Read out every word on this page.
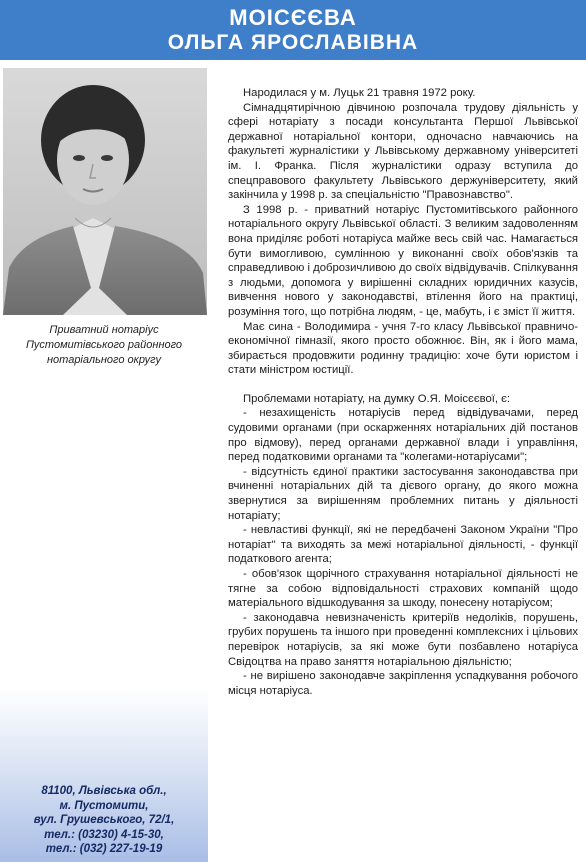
МОІСЄЄВА
ОЛЬГА ЯРОСЛАВІВНА
Приватний нотаріус
Пустомитівського районного
нотаріального округу
81100, Львівська обл.,
м. Пустомити,
вул. Грушевського, 72/1,
тел.: (03230) 4-15-30,
тел.: (032) 227-19-19

Народилася у м. Луцьк 21 травня 1972 року.

Сімнадцятирічною дівчиною розпочала трудову діяльність у сфері нотаріату з посади консультанта Першої Львівської державної нотаріальної контори, одночасно навчаючись на факультеті журналістики у Львівському державному університеті ім. І. Франка. Після журналістики одразу вступила до спецправового факультету Львівського держуніверситету, який закінчила у 1998 р. за спеціальністю "Правознавство".

З 1998 р. - приватний нотаріус Пустомитівського районного нотаріального округу Львівської області. З великим задоволенням вона приділяє роботі нотаріуса майже весь свій час. Намагається бути вимогливою, сумлінною у виконанні своїх обов'язків та справедливою і доброзичливою до своїх відвідувачів. Спілкування з людьми, допомога у вирішенні складних юридичних казусів, вивчення нового у законодавстві, втілення його на практиці, розуміння того, що потрібна людям, - це, мабуть, і є зміст її життя.

Має сина - Володимира - учня 7-го класу Львівської правничо-економічної гімназії, якого просто обожнює. Він, як і його мама, збирається продовжити родинну традицію: хоче бути юристом і стати міністром юстиції.

Проблемами нотаріату, на думку О.Я. Моісєєвої, є:

- незахищеність нотаріусів перед відвідувачами, перед судовими органами (при оскарженнях нотаріальних дій постанов про відмову), перед органами державної влади і управління, перед податковими органами та "колегами-нотаріусами";

- відсутність єдиної практики застосування законодавства при вчиненні нотаріальних дій та дієвого органу, до якого можна звернутися за вирішенням проблемних питань у діяльності нотаріату;

- невластиві функції, які не передбачені Законом України "Про нотаріат" та виходять за межі нотаріальної діяльності, - функції податкового агента;

- обов'язок щорічного страхування нотаріальної діяльності не тягне за собою відповідальності страхових компаній щодо матеріального відшкодування за шкоду, понесену нотаріусом;

- законодавча невизначеність критеріїв недоліків, порушень, грубих порушень та іншого при проведенні комплексних і цільових перевірок нотаріусів, за які може бути позбавлено нотаріуса Свідоцтва на право заняття нотаріальною діяльністю;

- не вирішено законодавче закріплення успадкування робочого місця нотаріуса.
